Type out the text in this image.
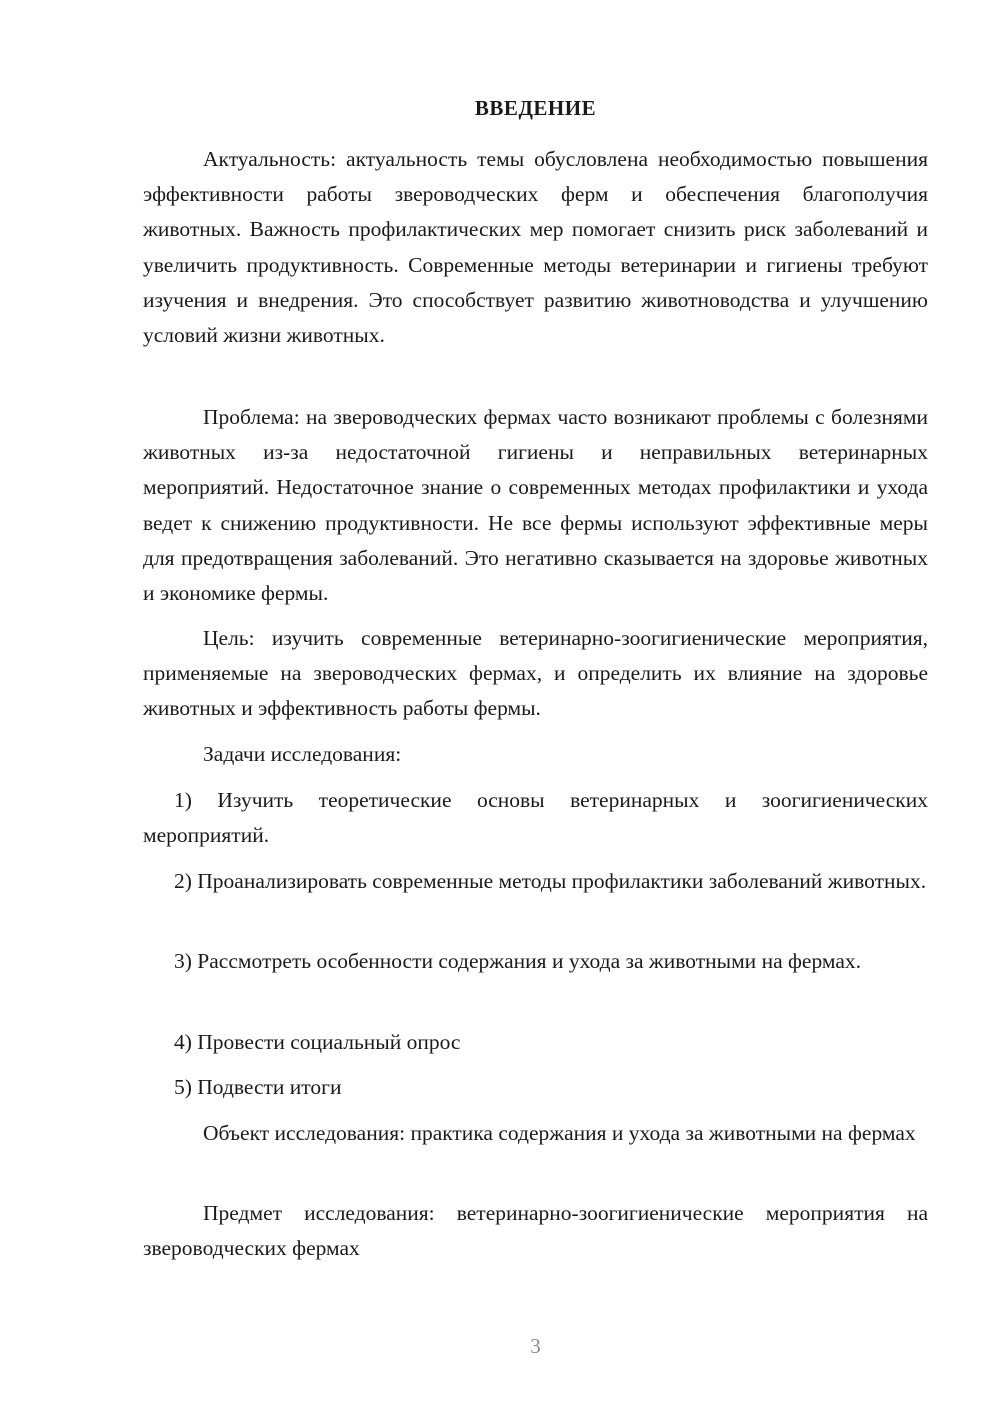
ВВЕДЕНИЕ

Актуальность: актуальность темы обусловлена необходимостью повышения эффективности работы звероводческих ферм и обеспечения благополучия животных. Важность профилактических мер помогает снизить риск заболеваний и увеличить продуктивность. Современные методы ветеринарии и гигиены требуют изучения и внедрения. Это способствует развитию животноводства и улучшению условий жизни животных.

Проблема: на звероводческих фермах часто возникают проблемы с болезнями животных из-за недостаточной гигиены и неправильных ветеринарных мероприятий. Недостаточное знание о современных методах профилактики и ухода ведет к снижению продуктивности. Не все фермы используют эффективные меры для предотвращения заболеваний. Это негативно сказывается на здоровье животных и экономике фермы.

Цель: изучить современные ветеринарно-зоогигиенические мероприятия, применяемые на звероводческих фермах, и определить их влияние на здоровье животных и эффективность работы фермы.

Задачи исследования:

1) Изучить теоретические основы ветеринарных и зоогигиенических мероприятий.

2) Проанализировать современные методы профилактики заболеваний животных.

3) Рассмотреть особенности содержания и ухода за животными на фермах.

4) Провести социальный опрос

5) Подвести итоги

Объект исследования: практика содержания и ухода за животными на фермах

Предмет исследования: ветеринарно-зоогигиенические мероприятия на звероводческих фермах

3
